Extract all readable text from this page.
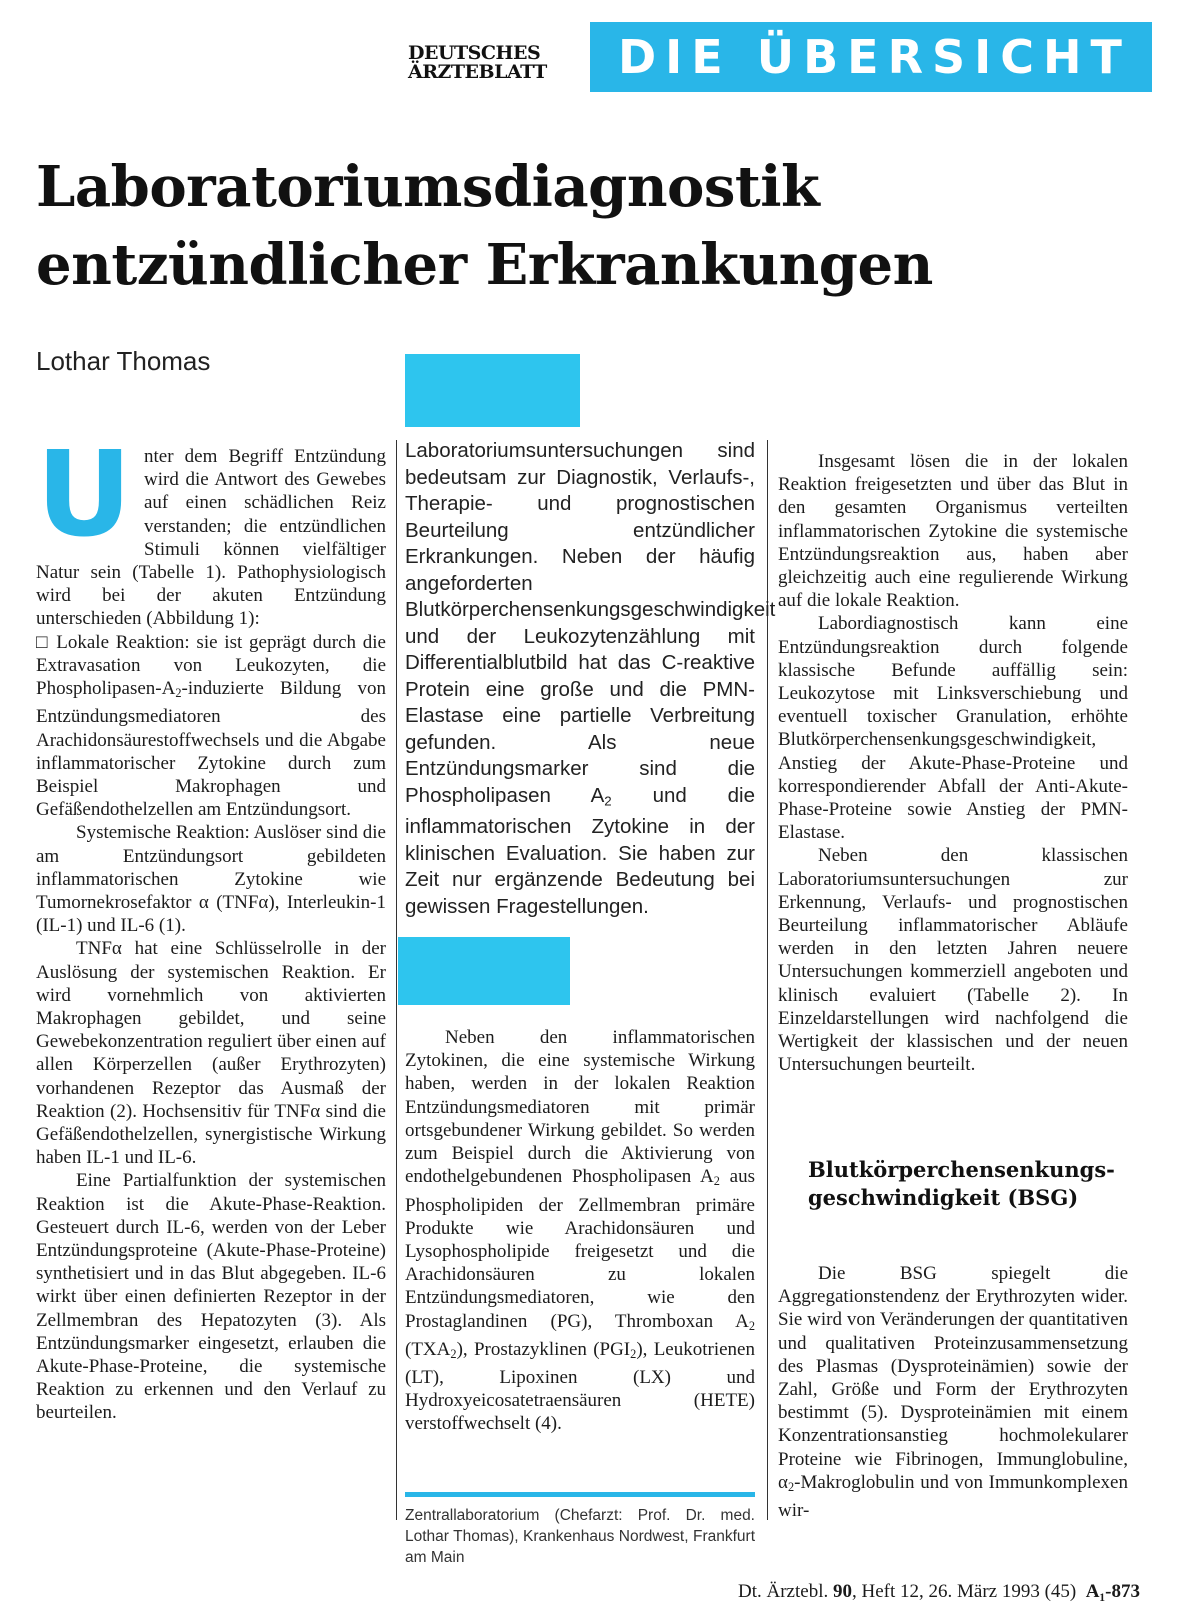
DEUTSCHES
ÄRZTEBLATT	DIE ÜBERSICHT
Laboratoriumsdiagnostik
entzündlicher Erkrankungen
Lothar Thomas

Unter dem Begriff Entzündung wird die Antwort des Gewebes auf einen schädlichen Reiz verstanden; die entzündlichen Stimuli können vielfältiger Natur sein (Tabelle 1). Pathophysiologisch wird bei der akuten Entzündung unterschieden (Abbildung 1):

□ Lokale Reaktion: sie ist geprägt durch die Extravasation von Leukozyten, die Phospholipasen-$A_2$-induzierte Bildung von Entzündungsmediatoren des Arachidonsäurestoffwechsels und die Abgabe inflammatorischer Zytokine durch zum Beispiel Makrophagen und Gefäßendothelzellen am Entzündungsort.

Systemische Reaktion: Auslöser sind die am Entzündungsort gebildeten inflammatorischen Zytokine wie Tumornekrosefaktor α (TNFα), Interleukin-1 (IL-1) und IL-6 (1).

TNFα hat eine Schlüsselrolle in der Auslösung der systemischen Reaktion. Er wird vornehmlich von aktivierten Makrophagen gebildet, und seine Gewebekonzentration reguliert über einen auf allen Körperzellen (außer Erythrozyten) vorhandenen Rezeptor das Ausmaß der Reaktion (2). Hochsensitiv für TNFα sind die Gefäßendothelzellen, synergistische Wirkung haben IL-1 und IL-6.

Eine Partialfunktion der systemischen Reaktion ist die Akute-Phase-Reaktion. Gesteuert durch IL-6, werden von der Leber Entzündungsproteine (Akute-Phase-Proteine) synthetisiert und in das Blut abgegeben. IL-6 wirkt über einen definierten Rezeptor in der Zellmembran des Hepatozyten (3). Als Entzündungsmarker eingesetzt, erlauben die Akute-Phase-Proteine, die systemische Reaktion zu erkennen und den Verlauf zu beurteilen.

Laboratoriumsuntersuchungen sind bedeutsam zur Diagnostik, Verlaufs-, Therapie- und prognostischen Beurteilung entzündlicher Erkrankungen. Neben der häufig angeforderten Blutkörperchensenkungsgeschwindigkeit und der Leukozytenzählung mit Differentialblutbild hat das C-reaktive Protein eine große und die PMN-Elastase eine partielle Verbreitung gefunden. Als neue Entzündungsmarker sind die Phospholipasen $A_2$ und die inflammatorischen Zytokine in der klinischen Evaluation. Sie haben zur Zeit nur ergänzende Bedeutung bei gewissen Fragestellungen.

Neben den inflammatorischen Zytokinen, die eine systemische Wirkung haben, werden in der lokalen Reaktion Entzündungsmediatoren mit primär ortsgebundener Wirkung gebildet. So werden zum Beispiel durch die Aktivierung von endothelgebundenen Phospholipasen $A_2$ aus Phospholipiden der Zellmembran primäre Produkte wie Arachidonsäuren und Lysophospholipide freigesetzt und die Arachidonsäuren zu lokalen Entzündungsmediatoren, wie den Prostaglandinen (PG), Thromboxan $A_2$ $(TXA_2)$, Prostazyklinen $(PGI_2)$, Leukotrienen (LT), Lipoxinen (LX) und Hydroxyeicosatetraensäuren (HETE) verstoffwechselt (4).

Zentrallaboratorium (Chefarzt: Prof. Dr. med. Lothar Thomas), Krankenhaus Nordwest, Frankfurt am Main

Insgesamt lösen die in der lokalen Reaktion freigesetzten und über das Blut in den gesamten Organismus verteilten inflammatorischen Zytokine die systemische Entzündungsreaktion aus, haben aber gleichzeitig auch eine regulierende Wirkung auf die lokale Reaktion.

Labordiagnostisch kann eine Entzündungsreaktion durch folgende klassische Befunde auffällig sein: Leukozytose mit Linksverschiebung und eventuell toxischer Granulation, erhöhte Blutkörperchensenkungsgeschwindigkeit, Anstieg der Akute-Phase-Proteine und korrespondierender Abfall der Anti-Akute-Phase-Proteine sowie Anstieg der PMN-Elastase.

Neben den klassischen Laboratoriumsuntersuchungen zur Erkennung, Verlaufs- und prognostischen Beurteilung inflammatorischer Abläufe werden in den letzten Jahren neuere Untersuchungen kommerziell angeboten und klinisch evaluiert (Tabelle 2). In Einzeldarstellungen wird nachfolgend die Wertigkeit der klassischen und der neuen Untersuchungen beurteilt.

Blutkörperchensenkungs-
geschwindigkeit (BSG)

Die BSG spiegelt die Aggregationstendenz der Erythrozyten wider. Sie wird von Veränderungen der quantitativen und qualitativen Proteinzusammensetzung des Plasmas (Dysproteinämien) sowie der Zahl, Größe und Form der Erythrozyten bestimmt (5). Dysproteinämien mit einem Konzentrationsanstieg hochmolekularer Proteine wie Fibrinogen, Immunglobuline, $\alpha_2$-Makroglobulin und von Immunkomplexen wir-

Dt. Ärztebl. 90, Heft 12, 26. März 1993 (45) A₁-873
